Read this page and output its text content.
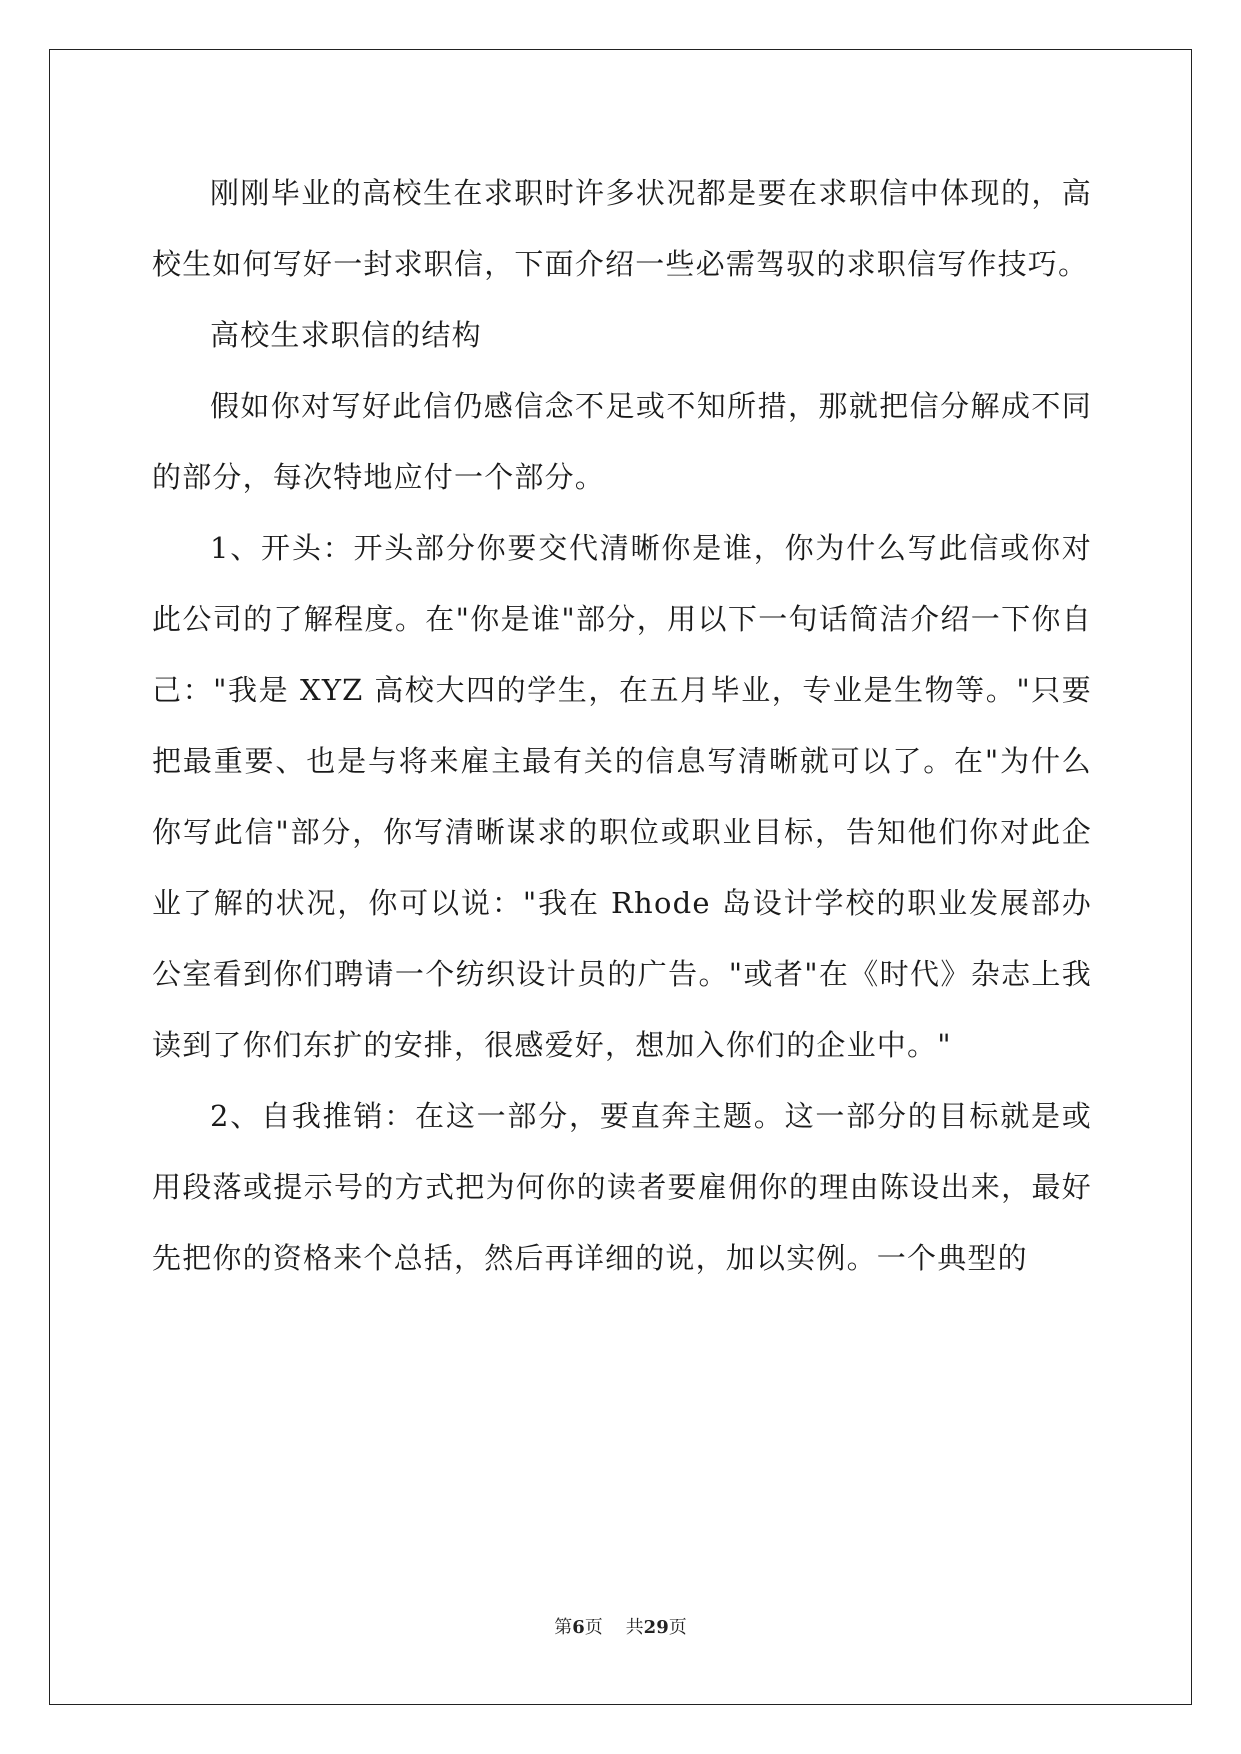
刚刚毕业的高校生在求职时许多状况都是要在求职信中体现的，高校生如何写好一封求职信，下面介绍一些必需驾驭的求职信写作技巧。

高校生求职信的结构

假如你对写好此信仍感信念不足或不知所措，那就把信分解成不同的部分，每次特地应付一个部分。

1、开头：开头部分你要交代清晰你是谁，你为什么写此信或你对此公司的了解程度。在"你是谁"部分，用以下一句话简洁介绍一下你自己："我是 XYZ 高校大四的学生，在五月毕业，专业是生物等。"只要把最重要、也是与将来雇主最有关的信息写清晰就可以了。在"为什么你写此信"部分，你写清晰谋求的职位或职业目标，告知他们你对此企业了解的状况，你可以说："我在 Rhode 岛设计学校的职业发展部办公室看到你们聘请一个纺织设计员的广告。"或者"在《时代》杂志上我读到了你们东扩的安排，很感爱好，想加入你们的企业中。"

2、自我推销：在这一部分，要直奔主题。这一部分的目标就是或用段落或提示号的方式把为何你的读者要雇佣你的理由陈设出来，最好先把你的资格来个总括，然后再详细的说，加以实例。一个典型的

第6页 共29页
